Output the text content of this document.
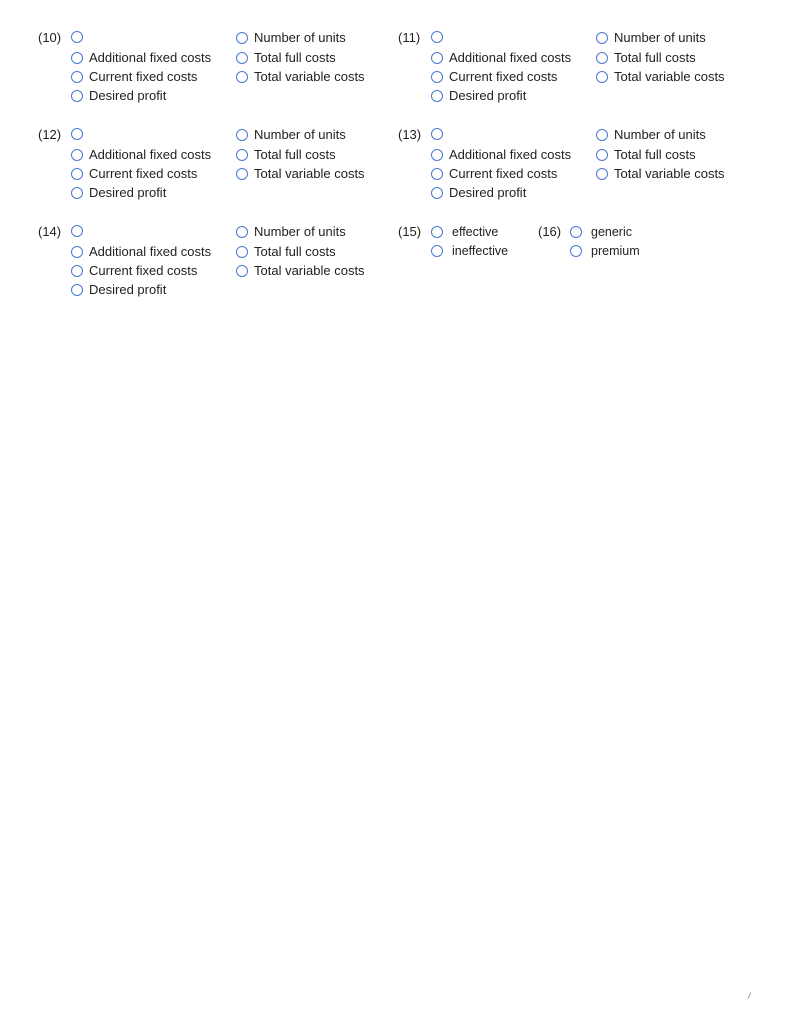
(10)	Number of units
Additional fixed costs	Total full costs
Current fixed costs	Total variable costs
Desired profit
(11)	Number of units
Additional fixed costs	Total full costs
Current fixed costs	Total variable costs
Desired profit
(12)	Number of units
Additional fixed costs	Total full costs
Current fixed costs	Total variable costs
Desired profit
(13)	Number of units
Additional fixed costs	Total full costs
Current fixed costs	Total variable costs
Desired profit
(14)	Number of units
Additional fixed costs	Total full costs
Current fixed costs	Total variable costs
Desired profit
(15) effective
ineffective
(16) generic
premium
/
